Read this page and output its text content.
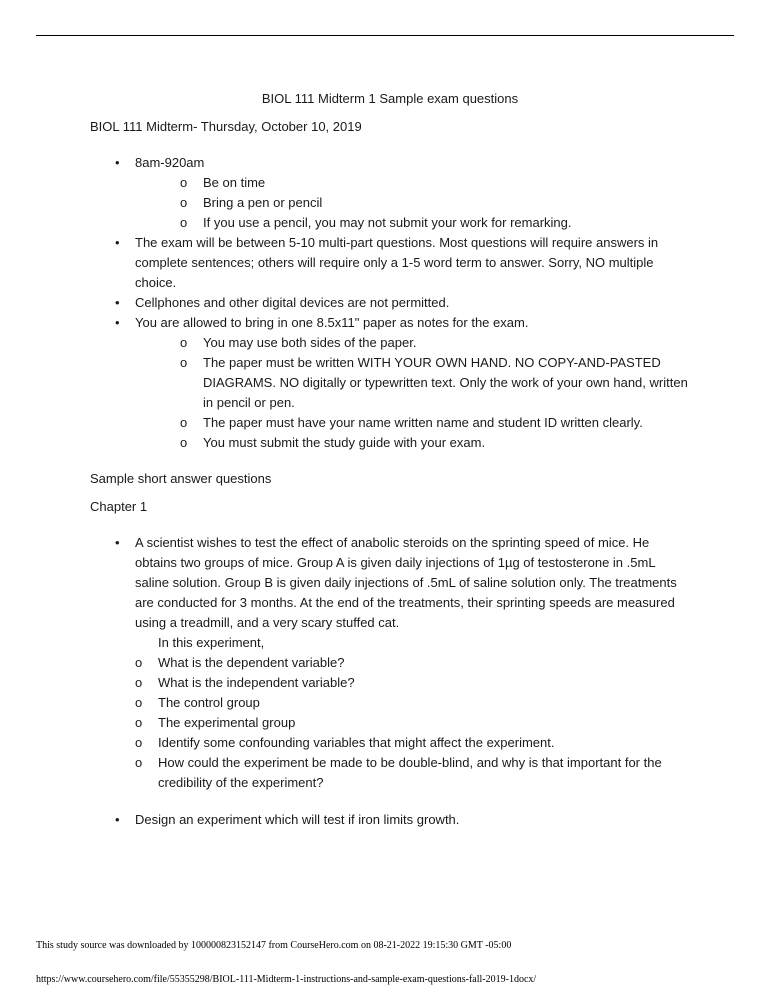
BIOL 111 Midterm 1 Sample exam questions

BIOL 111 Midterm- Thursday, October 10, 2019

• 8am-920am
o Be on time
o Bring a pen or pencil
o If you use a pencil, you may not submit your work for remarking.
• The exam will be between 5-10 multi-part questions. Most questions will require answers in complete sentences; others will require only a 1-5 word term to answer. Sorry, NO multiple choice.
• Cellphones and other digital devices are not permitted.
• You are allowed to bring in one 8.5x11" paper as notes for the exam.
o You may use both sides of the paper.
o The paper must be written WITH YOUR OWN HAND. NO COPY-AND-PASTED DIAGRAMS. NO digitally or typewritten text. Only the work of your own hand, written in pencil or pen.
o The paper must have your name written name and student ID written clearly.
o You must submit the study guide with your exam.

Sample short answer questions

Chapter 1

• A scientist wishes to test the effect of anabolic steroids on the sprinting speed of mice. He obtains two groups of mice. Group A is given daily injections of 1µg of testosterone in .5mL saline solution. Group B is given daily injections of .5mL of saline solution only. The treatments are conducted for 3 months. At the end of the treatments, their sprinting speeds are measured using a treadmill, and a very scary stuffed cat.
In this experiment,
o What is the dependent variable?
o What is the independent variable?
o The control group
o The experimental group
o Identify some confounding variables that might affect the experiment.
o How could the experiment be made to be double-blind, and why is that important for the credibility of the experiment?
• Design an experiment which will test if iron limits growth.
This study source was downloaded by 100000823152147 from CourseHero.com on 08-21-2022 19:15:30 GMT -05:00
https://www.coursehero.com/file/55355298/BIOL-111-Midterm-1-instructions-and-sample-exam-questions-fall-2019-1docx/
